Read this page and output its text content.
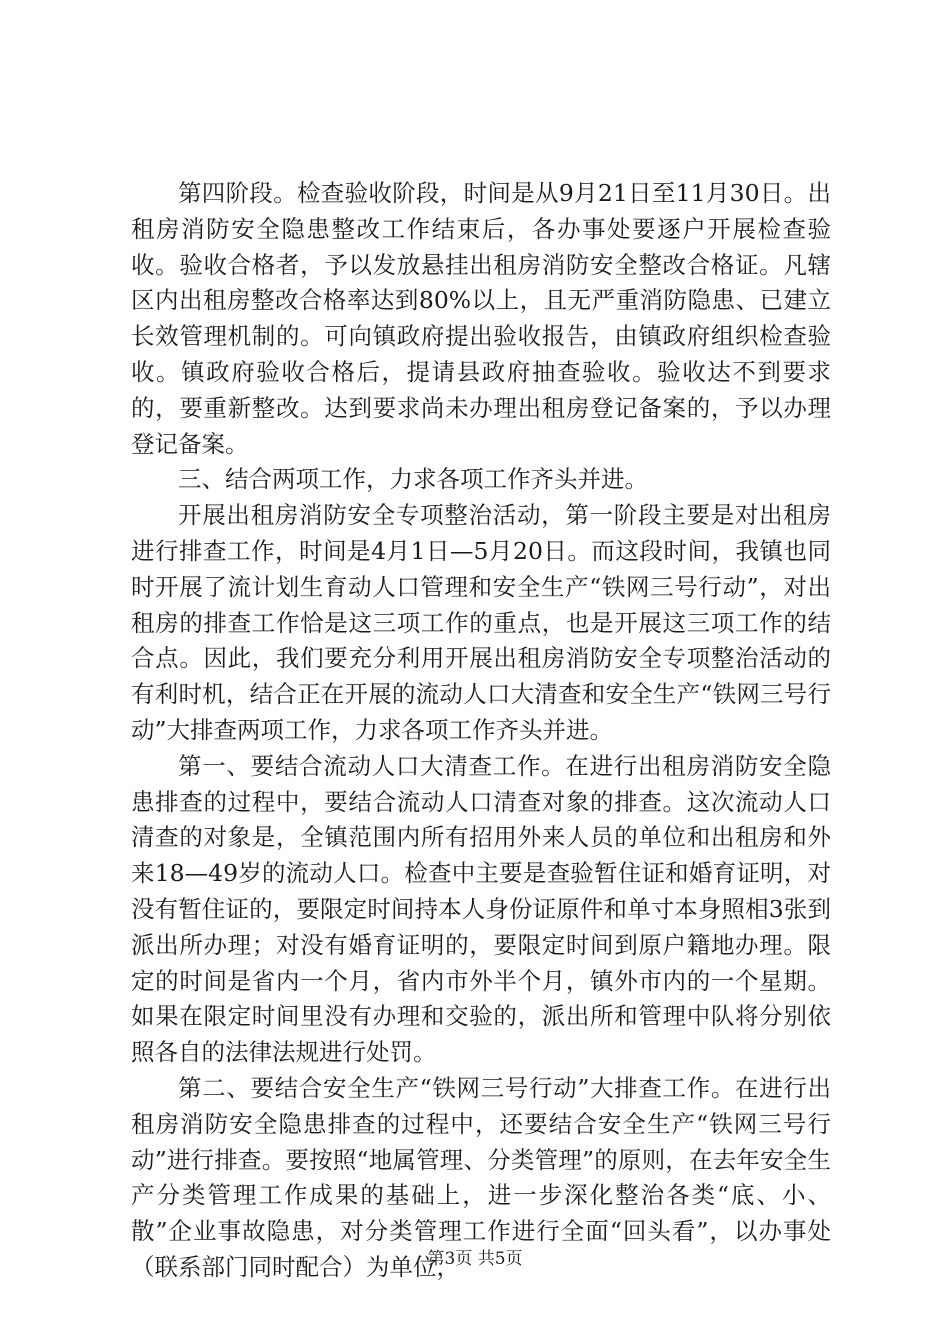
第四阶段。检查验收阶段，时间是从9月21日至11月30日。出租房消防安全隐患整改工作结束后，各办事处要逐户开展检查验收。验收合格者，予以发放悬挂出租房消防安全整改合格证。凡辖区内出租房整改合格率达到80%以上，且无严重消防隐患、已建立长效管理机制的。可向镇政府提出验收报告，由镇政府组织检查验收。镇政府验收合格后，提请县政府抽查验收。验收达不到要求的，要重新整改。达到要求尚未办理出租房登记备案的，予以办理登记备案。

三、结合两项工作，力求各项工作齐头并进。

开展出租房消防安全专项整治活动，第一阶段主要是对出租房进行排查工作，时间是4月1日—5月20日。而这段时间，我镇也同时开展了流计划生育动人口管理和安全生产“铁网三号行动”，对出租房的排查工作恰是这三项工作的重点，也是开展这三项工作的结合点。因此，我们要充分利用开展出租房消防安全专项整治活动的有利时机，结合正在开展的流动人口大清查和安全生产“铁网三号行动”大排查两项工作，力求各项工作齐头并进。

第一、要结合流动人口大清查工作。在进行出租房消防安全隐患排查的过程中，要结合流动人口清查对象的排查。这次流动人口清查的对象是，全镇范围内所有招用外来人员的单位和出租房和外来18—49岁的流动人口。检查中主要是查验暂住证和婚育证明，对没有暂住证的，要限定时间持本人身份证原件和单寸本身照相3张到派出所办理；对没有婚育证明的，要限定时间到原户籍地办理。限定的时间是省内一个月，省内市外半个月，镇外市内的一个星期。如果在限定时间里没有办理和交验的，派出所和管理中队将分别依照各自的法律法规进行处罚。

第二、要结合安全生产“铁网三号行动”大排查工作。在进行出租房消防安全隐患排查的过程中，还要结合安全生产“铁网三号行动”进行排查。要按照“地属管理、分类管理”的原则，在去年安全生产分类管理工作成果的基础上，进一步深化整治各类“底、小、散”企业事故隐患，对分类管理工作进行全面“回头看”，以办事处（联系部门同时配合）为单位，

第3页 共5页
